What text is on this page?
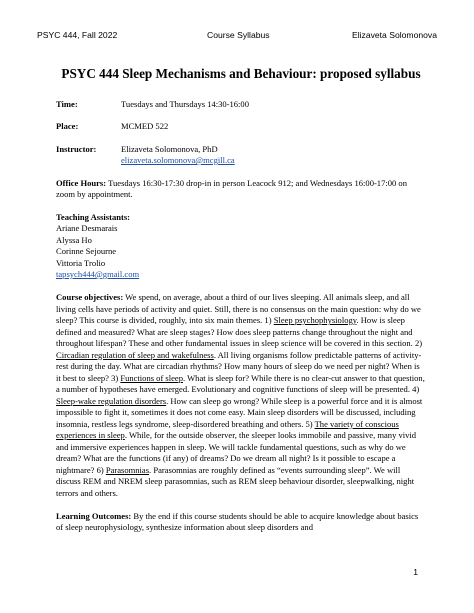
PSYC 444, Fall 2022	Course Syllabus	Elizaveta Solomonova
PSYC 444 Sleep Mechanisms and Behaviour: proposed syllabus
Time:	Tuesdays and Thursdays 14:30-16:00
Place:	MCMED 522
Instructor:	Elizaveta Solomonova, PhD
elizaveta.solomonova@mcgill.ca

Office Hours: Tuesdays 16:30-17:30 drop-in in person Leacock 912; and Wednesdays 16:00-17:00 on zoom by appointment.

Teaching Assistants:
Ariane Desmarais
Alyssa Ho
Corinne Sejourne
Vittoria Trolio
tapsych444@gmail.com

Course objectives: We spend, on average, about a third of our lives sleeping. All animals sleep, and all living cells have periods of activity and quiet. Still, there is no consensus on the main question: why do we sleep? This course is divided, roughly, into six main themes. 1) Sleep psychophysiology. How is sleep defined and measured? What are sleep stages? How does sleep patterns change throughout the night and throughout lifespan? These and other fundamental issues in sleep science will be covered in this section. 2) Circadian regulation of sleep and wakefulness. All living organisms follow predictable patterns of activity-rest during the day. What are circadian rhythms? How many hours of sleep do we need per night? When is it best to sleep? 3) Functions of sleep. What is sleep for? While there is no clear-cut answer to that question, a number of hypotheses have emerged. Evolutionary and cognitive functions of sleep will be presented. 4) Sleep-wake regulation disorders. How can sleep go wrong? While sleep is a powerful force and it is almost impossible to fight it, sometimes it does not come easy. Main sleep disorders will be discussed, including insomnia, restless legs syndrome, sleep-disordered breathing and others. 5) The variety of conscious experiences in sleep. While, for the outside observer, the sleeper looks immobile and passive, many vivid and immersive experiences happen in sleep. We will tackle fundamental questions, such as why do we dream? What are the functions (if any) of dreams? Do we dream all night? Is it possible to escape a nightmare? 6) Parasomnias. Parasomnias are roughly defined as “events surrounding sleep”. We will discuss REM and NREM sleep parasomnias, such as REM sleep behaviour disorder, sleepwalking, night terrors and others.

Learning Outcomes: By the end if this course students should be able to acquire knowledge about basics of sleep neurophysiology, synthesize information about sleep disorders and

1
